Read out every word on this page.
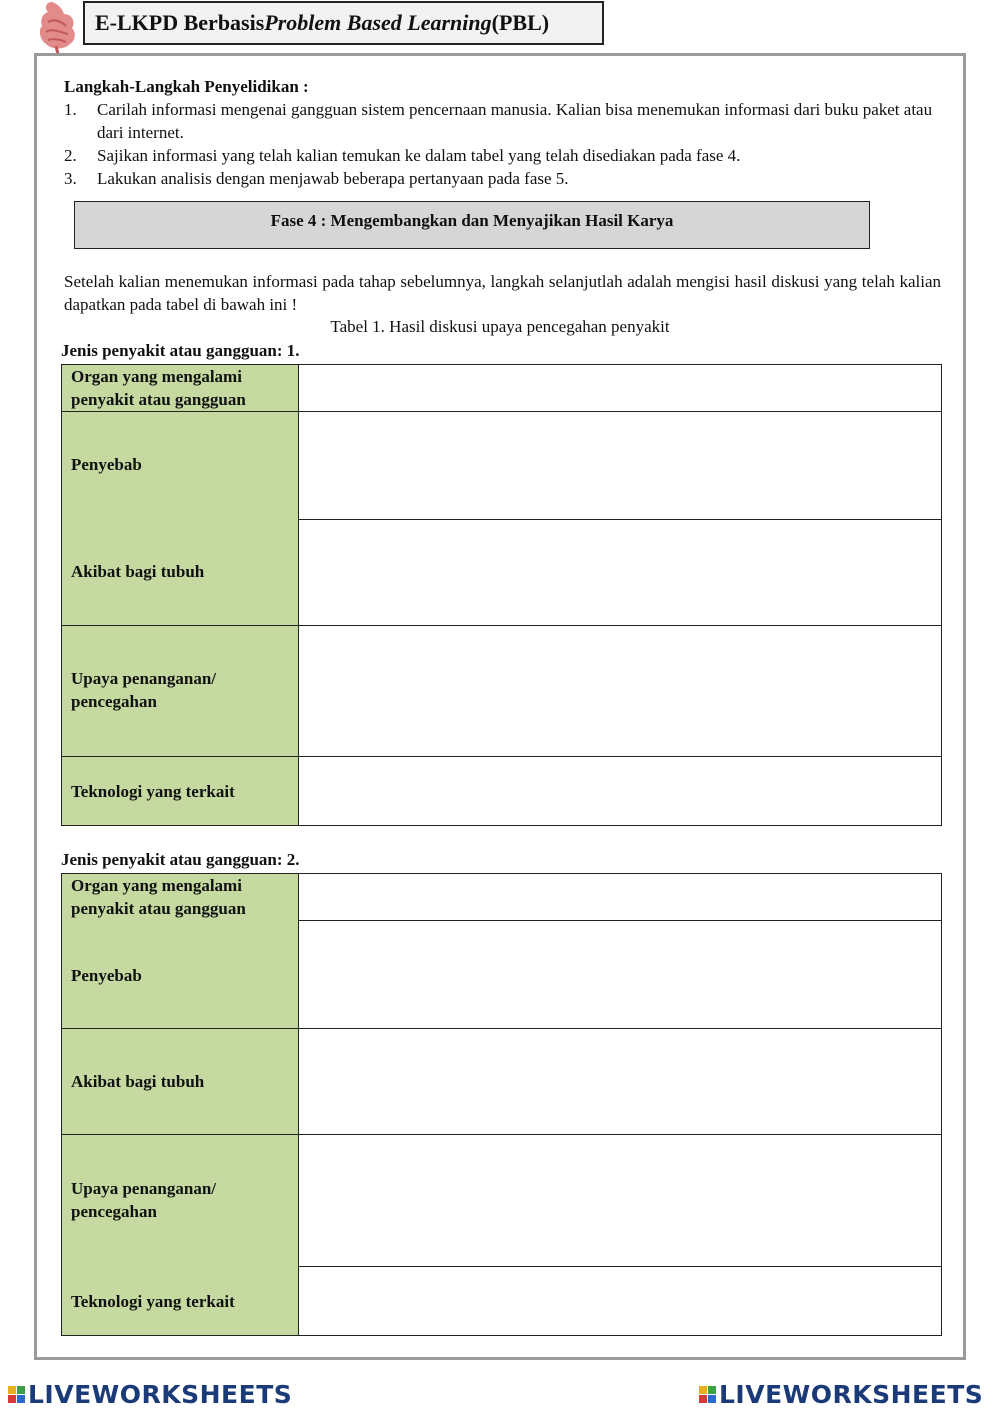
E-LKPD Berbasis Problem Based Learning (PBL)
Langkah-Langkah Penyelidikan :
1. Carilah informasi mengenai gangguan sistem pencernaan manusia. Kalian bisa menemukan informasi dari buku paket atau dari internet.
2. Sajikan informasi yang telah kalian temukan ke dalam tabel yang telah disediakan pada fase 4.
3. Lakukan analisis dengan menjawab beberapa pertanyaan pada fase 5.
Fase 4 : Mengembangkan dan Menyajikan Hasil Karya
Setelah kalian menemukan informasi pada tahap sebelumnya, langkah selanjutlah adalah mengisi hasil diskusi yang telah kalian dapatkan pada tabel di bawah ini !
Tabel 1. Hasil diskusi upaya pencegahan penyakit
Jenis penyakit atau gangguan: 1.
Organ yang mengalami penyakit atau gangguan
Penyebab
Akibat bagi tubuh
Upaya penanganan/ pencegahan
Teknologi yang terkait
Jenis penyakit atau gangguan: 2.
Organ yang mengalami penyakit atau gangguan
Penyebab
Akibat bagi tubuh
Upaya penanganan/ pencegahan
Teknologi yang terkait
LIVEWORKSHEETS	LIVEWORKSHEETS
